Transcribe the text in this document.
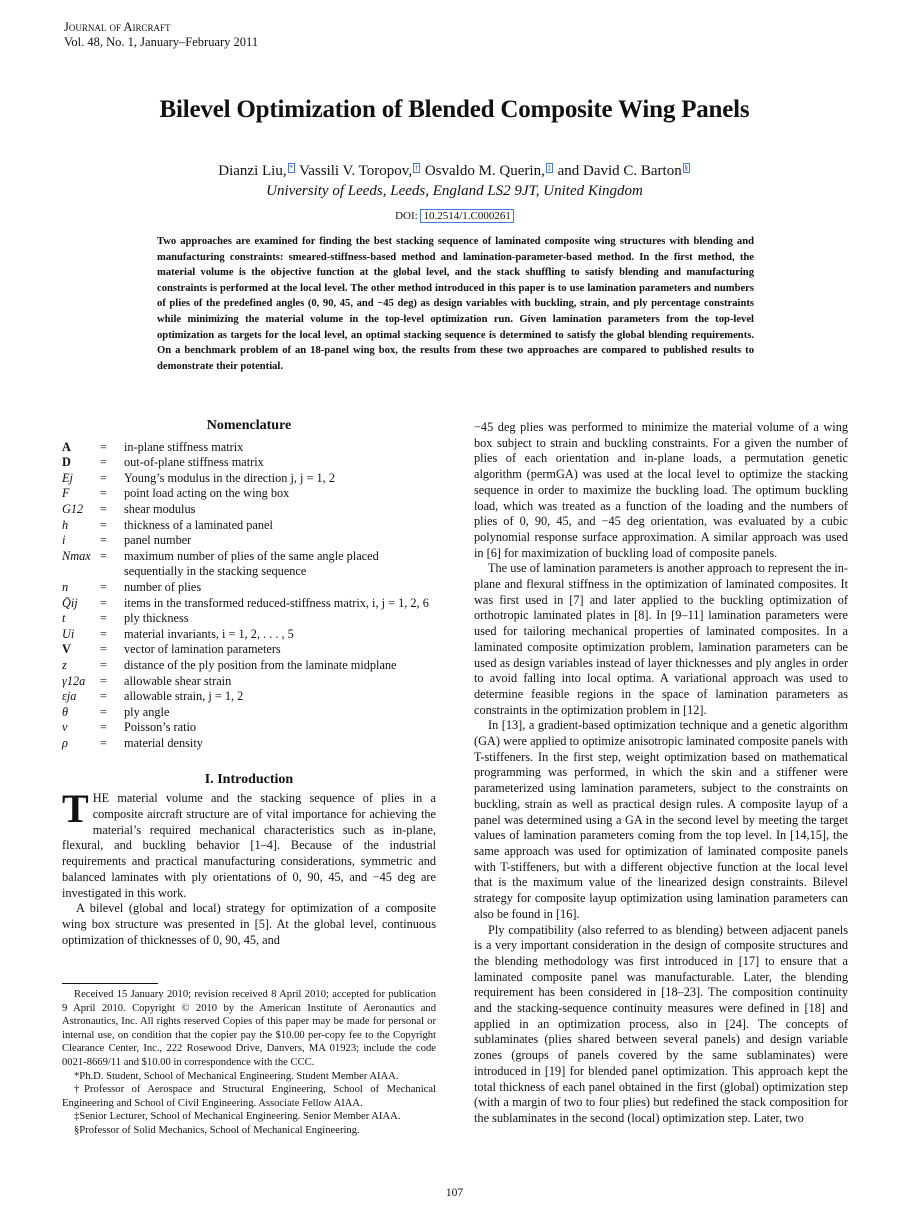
Journal of Aircraft
Vol. 48, No. 1, January–February 2011
Bilevel Optimization of Blended Composite Wing Panels
Dianzi Liu, * Vassili V. Toropov, † Osvaldo M. Querin, ‡ and David C. Barton §
University of Leeds, Leeds, England LS2 9JT, United Kingdom
DOI: 10.2514/1.C000261
Two approaches are examined for finding the best stacking sequence of laminated composite wing structures with blending and manufacturing constraints: smeared-stiffness-based method and lamination-parameter-based method. In the first method, the material volume is the objective function at the global level, and the stack shuffling to satisfy blending and manufacturing constraints is performed at the local level. The other method introduced in this paper is to use lamination parameters and numbers of plies of the predefined angles (0, 90, 45, and −45 deg) as design variables with buckling, strain, and ply percentage constraints while minimizing the material volume in the top-level optimization run. Given lamination parameters from the top-level optimization as targets for the local level, an optimal stacking sequence is determined to satisfy the global blending requirements. On a benchmark problem of an 18-panel wing box, the results from these two approaches are compared to published results to demonstrate their potential.
Nomenclature
A	=	in-plane stiffness matrix
D	=	out-of-plane stiffness matrix
Ej	=	Young’s modulus in the direction j, j = 1, 2
F	=	point load acting on the wing box
G12	=	shear modulus
h	=	thickness of a laminated panel
i	=	panel number
Nmax =	maximum number of plies of the same angle placed sequentially in the stacking sequence
n	=	number of plies
Q̄ij	=	items in the transformed reduced-stiffness matrix, i, j = 1, 2, 6
t	=	ply thickness
Ui	=	material invariants, i = 1, 2, . . . , 5
V	=	vector of lamination parameters
z	=	distance of the ply position from the laminate midplane
γ12a	=	allowable shear strain
εja	=	allowable strain, j = 1, 2
θ	=	ply angle
ν	=	Poisson’s ratio
ρ	=	material density
I. Introduction
THE material volume and the stacking sequence of plies in a composite aircraft structure are of vital importance for achieving the material’s required mechanical characteristics such as in-plane, flexural, and buckling behavior [1–4]. Because of the industrial requirements and practical manufacturing considerations, symmetric and balanced laminates with ply orientations of 0, 90, 45, and −45 deg are investigated in this work.
A bilevel (global and local) strategy for optimization of a composite wing box structure was presented in [5]. At the global level, continuous optimization of thicknesses of 0, 90, 45, and

Received 15 January 2010; revision received 8 April 2010; accepted for publication 9 April 2010. Copyright © 2010 by the American Institute of Aeronautics and Astronautics, Inc. All rights reserved Copies of this paper may be made for personal or internal use, on condition that the copier pay the $10.00 per-copy fee to the Copyright Clearance Center, Inc., 222 Rosewood Drive, Danvers, MA 01923; include the code 0021-8669/11 and $10.00 in correspondence with the CCC.

*Ph.D. Student, School of Mechanical Engineering. Student Member AIAA.

†Professor of Aerospace and Structural Engineering, School of Mechanical Engineering and School of Civil Engineering. Associate Fellow AIAA.

‡Senior Lecturer, School of Mechanical Engineering. Senior Member AIAA.

§Professor of Solid Mechanics, School of Mechanical Engineering.

−45 deg plies was performed to minimize the material volume of a wing box subject to strain and buckling constraints. For a given the number of plies of each orientation and in-plane loads, a permutation genetic algorithm (permGA) was used at the local level to optimize the stacking sequence in order to maximize the buckling load. The optimum buckling load, which was treated as a function of the loading and the numbers of plies of 0, 90, 45, and −45 deg orientation, was evaluated by a cubic polynomial response surface approximation. A similar approach was used in [6] for maximization of buckling load of composite panels.
The use of lamination parameters is another approach to represent the in-plane and flexural stiffness in the optimization of laminated composites. It was first used in [7] and later applied to the buckling optimization of orthotropic laminated plates in [8]. In [9–11] lamination parameters were used for tailoring mechanical properties of laminated composites. In a laminated composite optimization problem, lamination parameters can be used as design variables instead of layer thicknesses and ply angles in order to avoid falling into local optima. A variational approach was used to determine feasible regions in the space of lamination parameters as constraints in the optimization problem in [12].
In [13], a gradient-based optimization technique and a genetic algorithm (GA) were applied to optimize anisotropic laminated composite panels with T-stiffeners. In the first step, weight optimization based on mathematical programming was performed, in which the skin and a stiffener were parameterized using lamination parameters, subject to the constraints on buckling, strain as well as practical design rules. A composite layup of a panel was determined using a GA in the second level by meeting the target values of lamination parameters coming from the top level. In [14,15], the same approach was used for optimization of laminated composite panels with T-stiffeners, but with a different objective function at the local level that is the maximum value of the linearized design constraints. Bilevel strategy for composite layup optimization using lamination parameters can also be found in [16].
Ply compatibility (also referred to as blending) between adjacent panels is a very important consideration in the design of composite structures and the blending methodology was first introduced in [17] to ensure that a laminated composite panel was manufacturable. Later, the blending requirement has been considered in [18–23]. The composition continuity and the stacking-sequence continuity measures were defined in [18] and applied in an optimization process, also in [24]. The concepts of sublaminates (plies shared between several panels) and design variable zones (groups of panels covered by the same sublaminates) were introduced in [19] for blended panel optimization. This approach kept the total thickness of each panel obtained in the first (global) optimization step (with a margin of two to four plies) but redefined the stack composition for the sublaminates in the second (local) optimization step. Later, two
107
